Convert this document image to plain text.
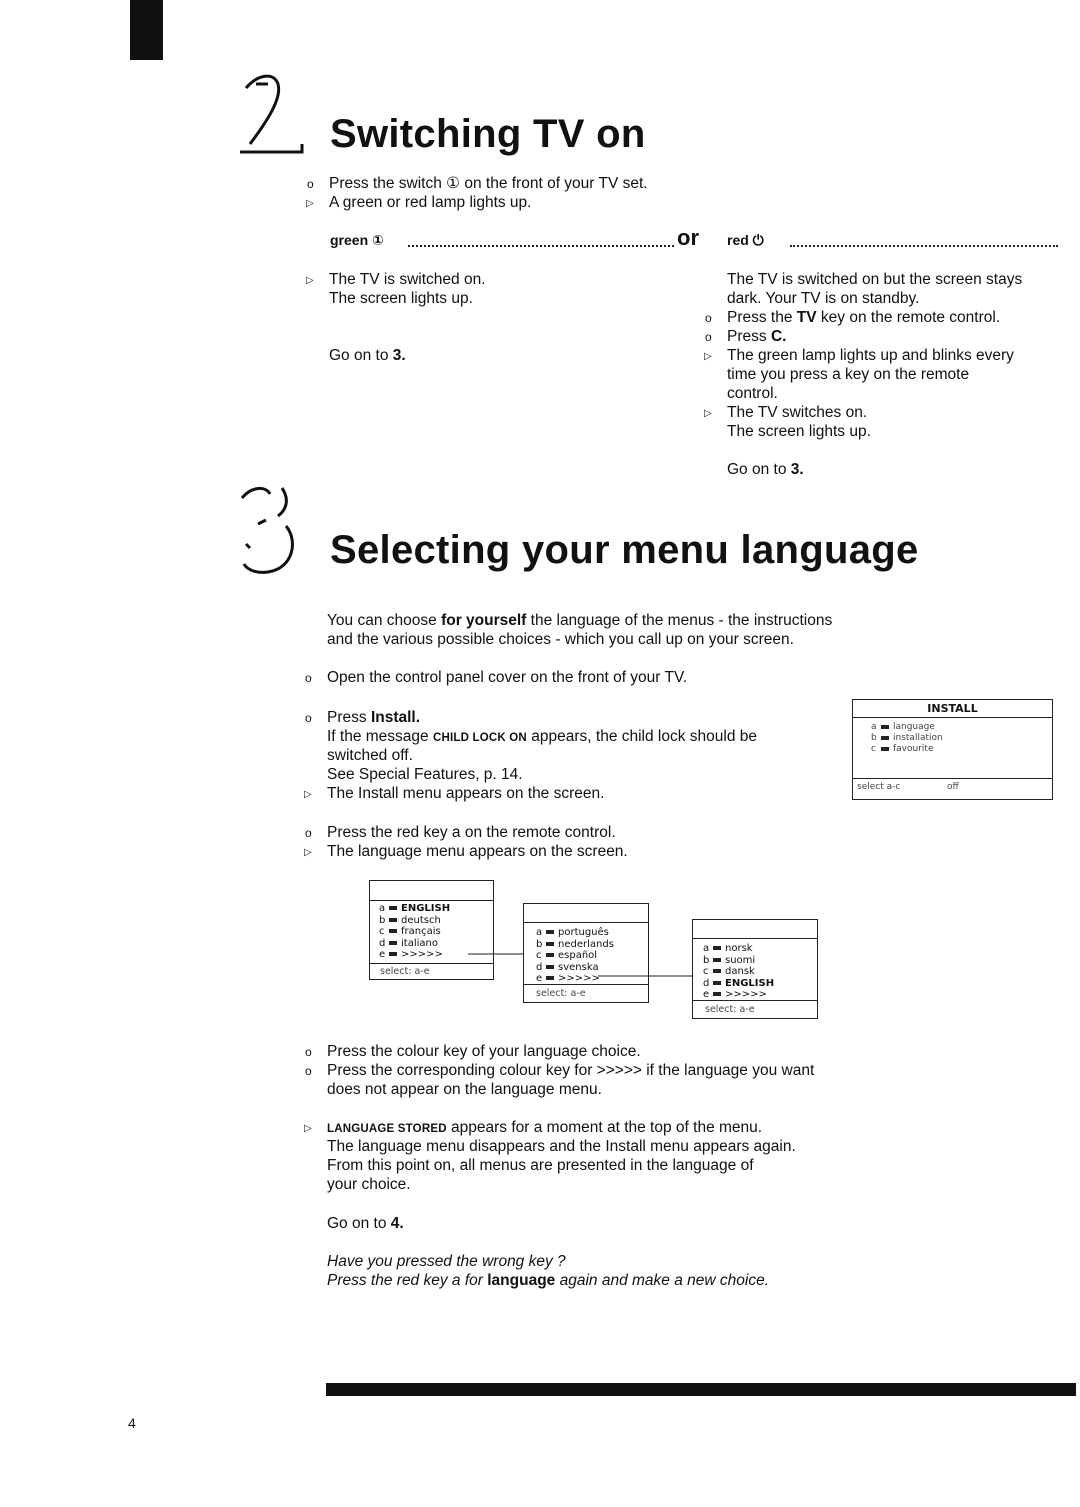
Switching TV on
o Press the switch ① on the front of your TV set.
▷ A green or red lamp lights up.
green ①	or red ⏻
▷ The TV is switched on.
The screen lights up.
Go on to 3.
The TV is switched on but the screen stays
dark. Your TV is on standby.
o Press the TV key on the remote control.
o Press C.
▷ The green lamp lights up and blinks every
time you press a key on the remote
control.
▷ The TV switches on.
The screen lights up.
Go on to 3.
Selecting your menu language
You can choose for yourself the language of the menus - the instructions
and the various possible choices - which you call up on your screen.
o Open the control panel cover on the front of your TV.
o Press Install.
If the message CHILD LOCK ON appears, the child lock should be
switched off.
See Special Features, p. 14.
▷ The Install menu appears on the screen.
INSTALL
a language
b installation
c favourite
select a-c	off
o Press the red key a on the remote control.
▷ The language menu appears on the screen.
a ENGLISH
b deutsch
c français
d italiano
e >>>>>
select: a-e
a português
b nederlands
c español
d svenska
e >>>>>
select: a-e
a norsk
b suomi
c dansk
d ENGLISH
e >>>>>
select: a-e
o Press the colour key of your language choice.
o Press the corresponding colour key for >>>>> if the language you want
does not appear on the language menu.
▷ LANGUAGE STORED appears for a moment at the top of the menu.
The language menu disappears and the Install menu appears again.
From this point on, all menus are presented in the language of
your choice.
Go on to 4.
Have you pressed the wrong key ?
Press the red key a for language again and make a new choice.
4
